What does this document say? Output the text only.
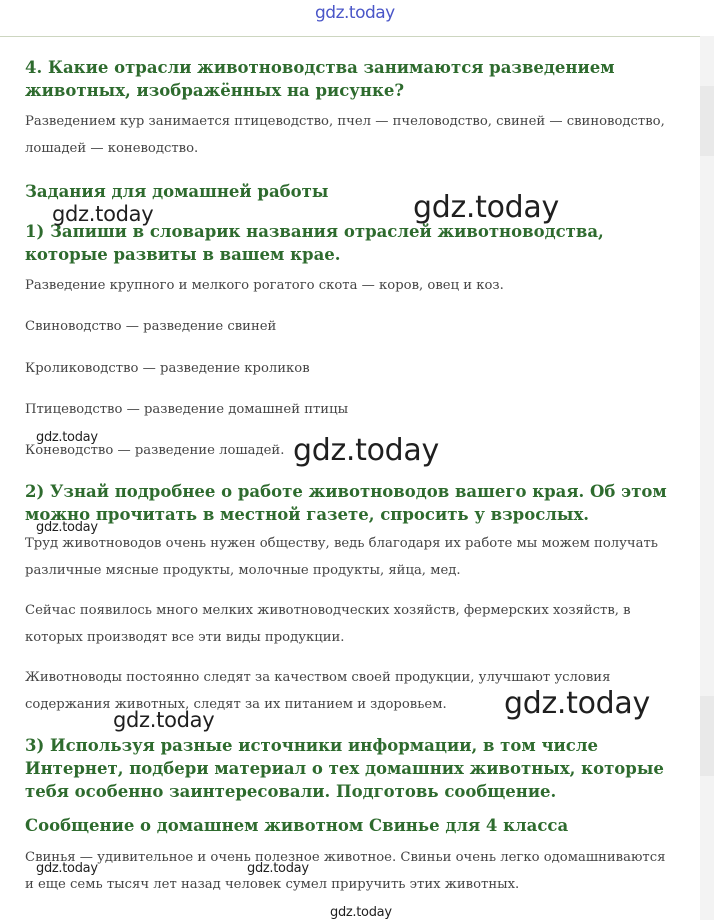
gdz.today
4. Какие отрасли животноводства занимаются разведением животных, изображённых на рисунке?

Разведением кур занимается птицеводство, пчел — пчеловодство, свиней — свиноводство, лошадей — коневодство.

Задания для домашней работы
1) Запиши в словарик названия отраслей животноводства, которые развиты в вашем крае.

Разведение крупного и мелкого рогатого скота — коров, овец и коз.

Свиноводство — разведение свиней

Кролиководство — разведение кроликов

Птицеводство — разведение домашней птицы

Коневодство — разведение лошадей.

2) Узнай подробнее о работе животноводов вашего края. Об этом можно прочитать в местной газете, спросить у взрослых.

Труд животноводов очень нужен обществу, ведь благодаря их работе мы можем получать различные мясные продукты, молочные продукты, яйца, мед.

Сейчас появилось много мелких животноводческих хозяйств, фермерских хозяйств, в которых производят все эти виды продукции.

Животноводы постоянно следят за качеством своей продукции, улучшают условия содержания животных, следят за их питанием и здоровьем.

3) Используя разные источники информации, в том числе Интернет, подбери материал о тех домашних животных, которые тебя особенно заинтересовали. Подготовь сообщение.
Сообщение о домашнем животном Свинье для 4 класса

Свинья — удивительное и очень полезное животное. Свиньи очень легко одомашниваются и еще семь тысяч лет назад человек сумел приручить этих животных.

gdz.today	gdz.today
gdz.today	gdz.today
gdz.today
gdz.today
gdz.today
gdz.today	gdz.today
gdz.today
